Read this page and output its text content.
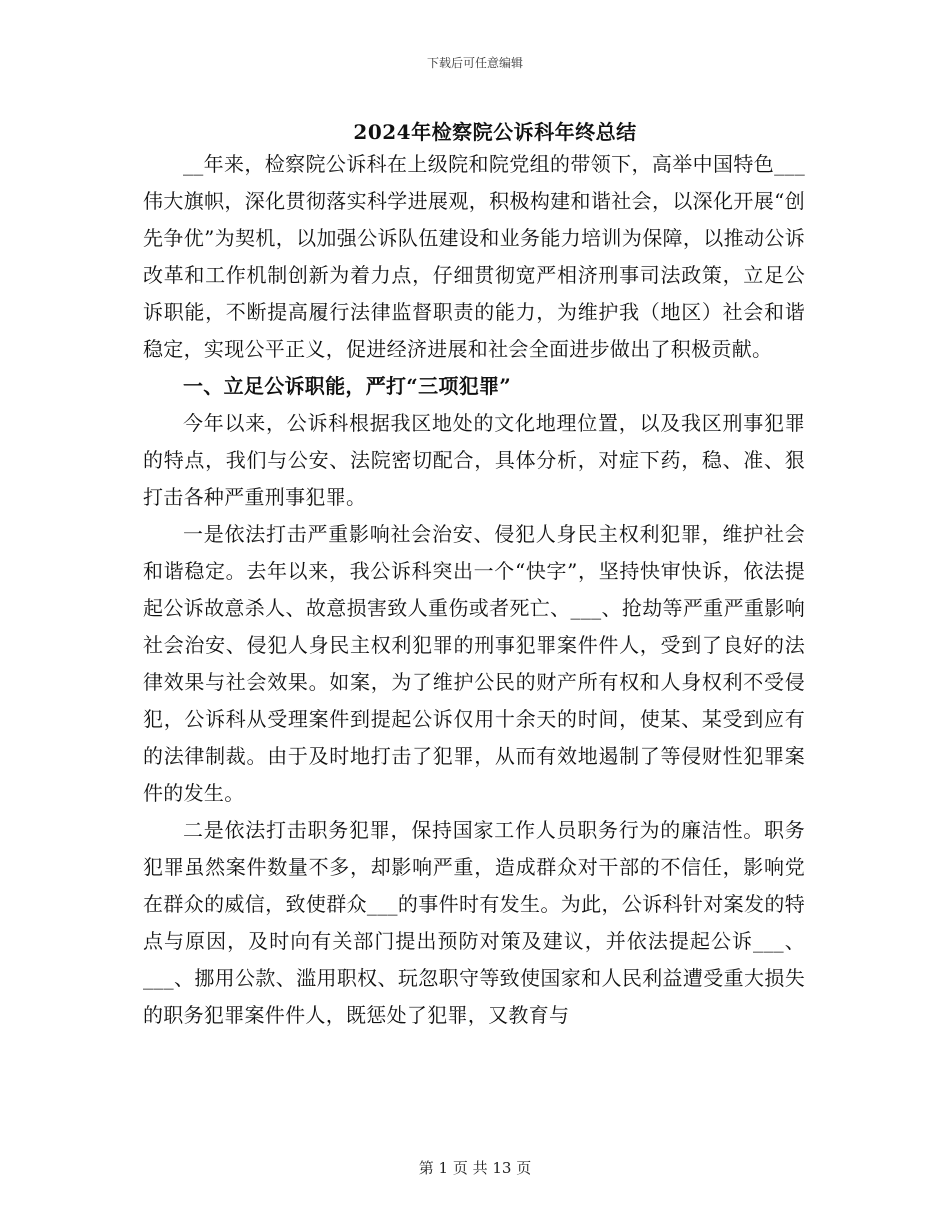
下载后可任意编辑
2024年检察院公诉科年终总结

__年来，检察院公诉科在上级院和院党组的带领下，高举中国特色___伟大旗帜，深化贯彻落实科学进展观，积极构建和谐社会，以深化开展“创先争优”为契机，以加强公诉队伍建设和业务能力培训为保障，以推动公诉改革和工作机制创新为着力点，仔细贯彻宽严相济刑事司法政策，立足公诉职能，不断提高履行法律监督职责的能力，为维护我（地区）社会和谐稳定，实现公平正义，促进经济进展和社会全面进步做出了积极贡献。

一、立足公诉职能，严打“三项犯罪”

今年以来，公诉科根据我区地处的文化地理位置，以及我区刑事犯罪的特点，我们与公安、法院密切配合，具体分析，对症下药，稳、准、狠打击各种严重刑事犯罪。

一是依法打击严重影响社会治安、侵犯人身民主权利犯罪，维护社会和谐稳定。去年以来，我公诉科突出一个“快字”，坚持快审快诉，依法提起公诉故意杀人、故意损害致人重伤或者死亡、___、抢劫等严重严重影响社会治安、侵犯人身民主权利犯罪的刑事犯罪案件件人，受到了良好的法律效果与社会效果。如案，为了维护公民的财产所有权和人身权利不受侵犯，公诉科从受理案件到提起公诉仅用十余天的时间，使某、某受到应有的法律制裁。由于及时地打击了犯罪，从而有效地遏制了等侵财性犯罪案件的发生。

二是依法打击职务犯罪，保持国家工作人员职务行为的廉洁性。职务犯罪虽然案件数量不多，却影响严重，造成群众对干部的不信任，影响党在群众的威信，致使群众___的事件时有发生。为此，公诉科针对案发的特点与原因，及时向有关部门提出预防对策及建议，并依法提起公诉___、___、挪用公款、滥用职权、玩忽职守等致使国家和人民利益遭受重大损失的职务犯罪案件件人，既惩处了犯罪，又教育与

第 1 页 共 13 页
